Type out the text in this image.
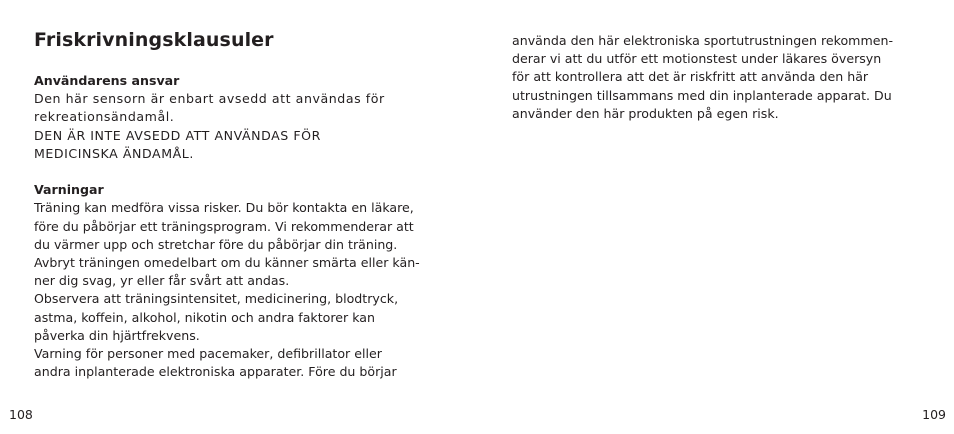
Friskrivningsklausuler
Användarens ansvar
Den här sensorn är enbart avsedd att användas för
rekreationsändamål.
DEN ÄR INTE AVSEDD ATT ANVÄNDAS FÖR
MEDICINSKA ÄNDAMÅL.
Varningar
Träning kan medföra vissa risker. Du bör kontakta en läkare,
före du påbörjar ett träningsprogram. Vi rekommenderar att
du värmer upp och stretchar före du påbörjar din träning.
Avbryt träningen omedelbart om du känner smärta eller kän-
ner dig svag, yr eller får svårt att andas.
Observera att träningsintensitet, medicinering, blodtryck,
astma, koffein, alkohol, nikotin och andra faktorer kan
påverka din hjärtfrekvens.
Varning för personer med pacemaker, defibrillator eller
andra inplanterade elektroniska apparater. Före du börjar
108
använda den här elektroniska sportutrustningen rekommen-
derar vi att du utför ett motionstest under läkares översyn
för att kontrollera att det är riskfritt att använda den här
utrustningen tillsammans med din inplanterade apparat. Du
använder den här produkten på egen risk.
109
